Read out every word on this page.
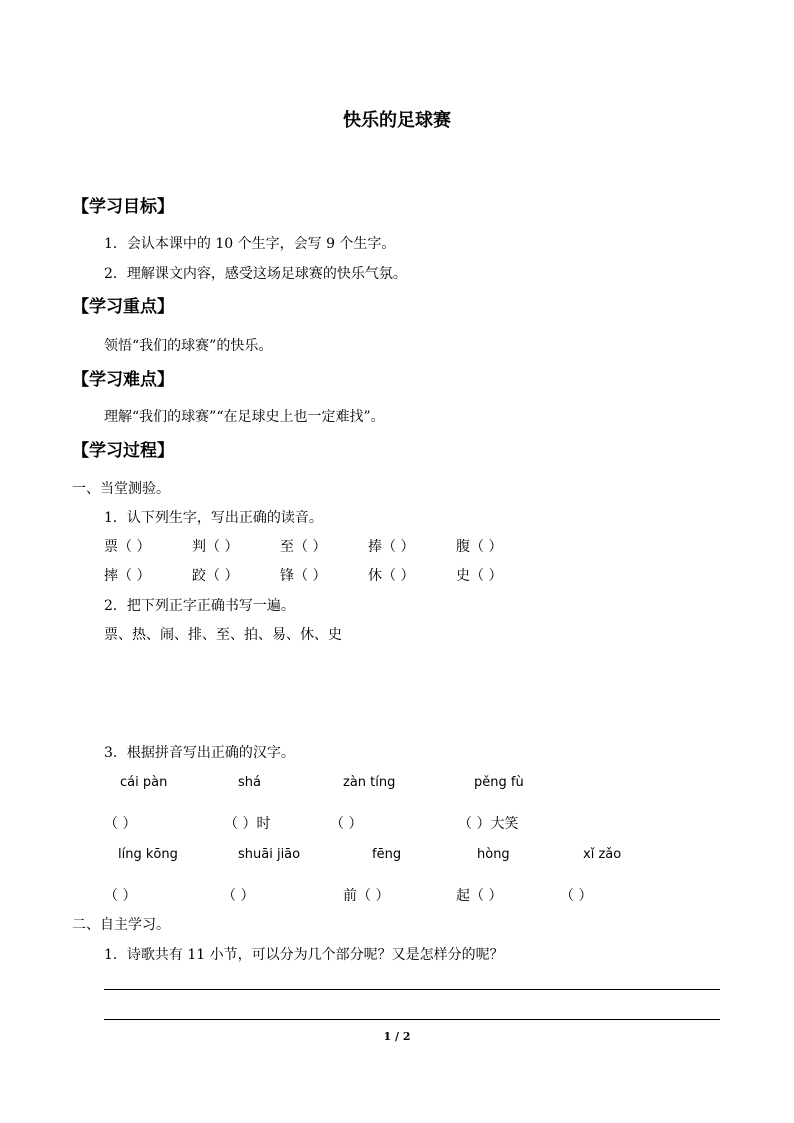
快乐的足球赛
【学习目标】
1．会认本课中的 10 个生字，会写 9 个生字。
2．理解课文内容，感受这场足球赛的快乐气氛。
【学习重点】
领悟“我们的球赛”的快乐。
【学习难点】
理解“我们的球赛”“在足球史上也一定难找”。
【学习过程】
一、当堂测验。
1．认下列生字，写出正确的读音。
票（ ）	判（ ）	至（ ）	捧（ ）	腹（ ）
摔（ ）	跤（ ）	锋（ ）	休（ ）	史（ ）
2．把下列正字正确书写一遍。
票、热、闹、排、至、拍、易、休、史
3．根据拼音写出正确的汉字。
cái pàn	shá	zàn tíng	pěng fù
（ ）	（ ）时	（ ）	（ ）大笑
líng kōng	shuāi jiāo	fēng	hòng	xǐ zǎo
（ ）	（ ）	前（ ）	起（ ）	（ ）
二、自主学习。
1．诗歌共有 11 小节，可以分为几个部分呢？又是怎样分的呢？
1 / 2
